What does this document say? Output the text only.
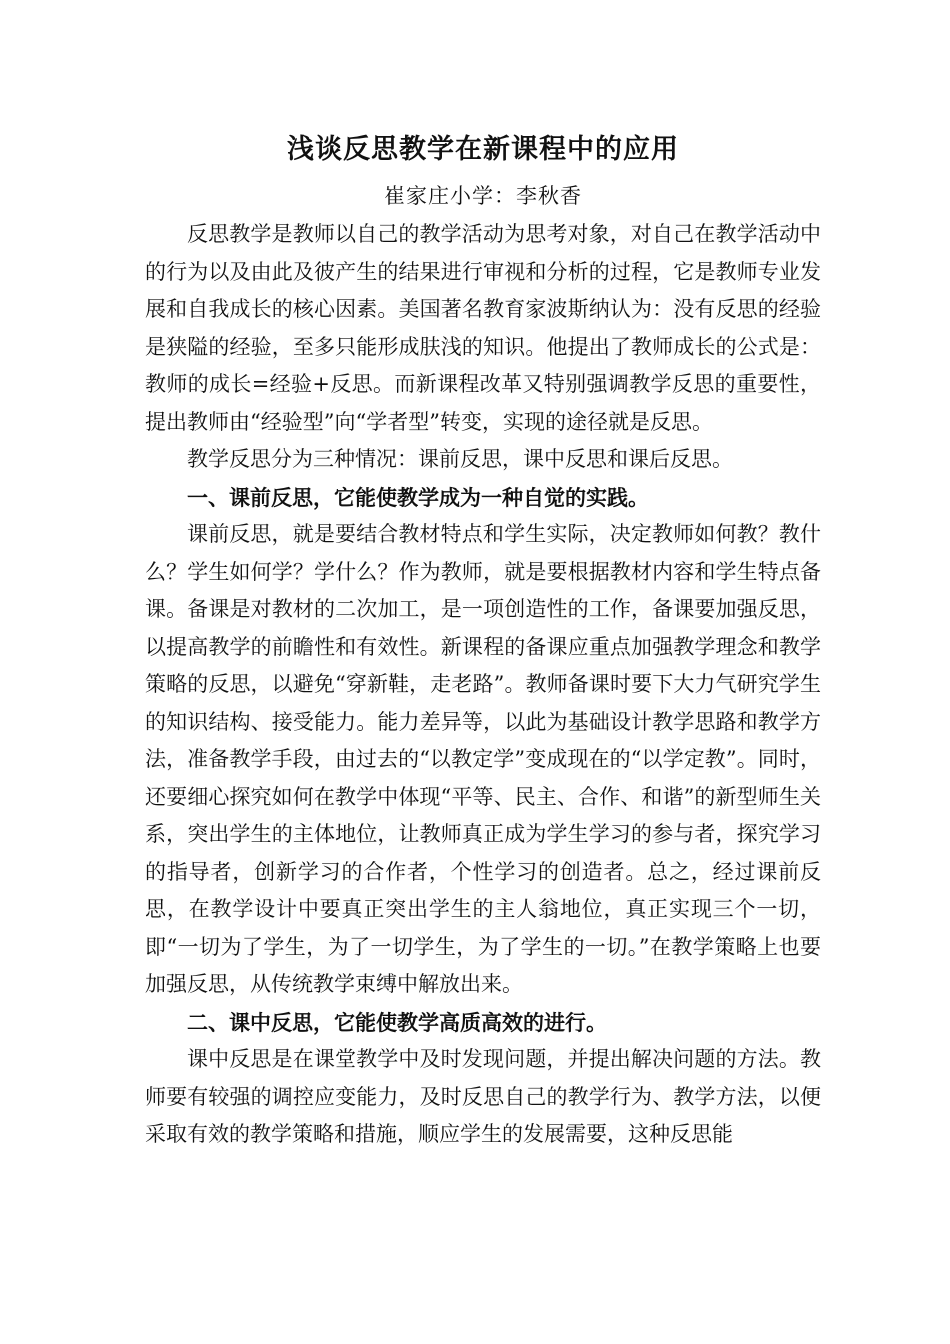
浅谈反思教学在新课程中的应用

崔家庄小学：李秋香

反思教学是教师以自己的教学活动为思考对象，对自己在教学活动中的行为以及由此及彼产生的结果进行审视和分析的过程，它是教师专业发展和自我成长的核心因素。美国著名教育家波斯纳认为：没有反思的经验是狭隘的经验，至多只能形成肤浅的知识。他提出了教师成长的公式是：教师的成长=经验+反思。而新课程改革又特别强调教学反思的重要性，提出教师由“经验型”向“学者型”转变，实现的途径就是反思。

教学反思分为三种情况：课前反思，课中反思和课后反思。

一、课前反思，它能使教学成为一种自觉的实践。

课前反思，就是要结合教材特点和学生实际，决定教师如何教？教什么？学生如何学？学什么？作为教师，就是要根据教材内容和学生特点备课。备课是对教材的二次加工，是一项创造性的工作，备课要加强反思，以提高教学的前瞻性和有效性。新课程的备课应重点加强教学理念和教学策略的反思，以避免“穿新鞋，走老路”。教师备课时要下大力气研究学生的知识结构、接受能力。能力差异等，以此为基础设计教学思路和教学方法，准备教学手段，由过去的“以教定学”变成现在的“以学定教”。同时，还要细心探究如何在教学中体现“平等、民主、合作、和谐”的新型师生关系，突出学生的主体地位，让教师真正成为学生学习的参与者，探究学习的指导者，创新学习的合作者，个性学习的创造者。总之，经过课前反思，在教学设计中要真正突出学生的主人翁地位，真正实现三个一切，即“一切为了学生，为了一切学生，为了学生的一切。”在教学策略上也要加强反思，从传统教学束缚中解放出来。

二、课中反思，它能使教学高质高效的进行。

课中反思是在课堂教学中及时发现问题，并提出解决问题的方法。教师要有较强的调控应变能力，及时反思自己的教学行为、教学方法，以便采取有效的教学策略和措施，顺应学生的发展需要，这种反思能
